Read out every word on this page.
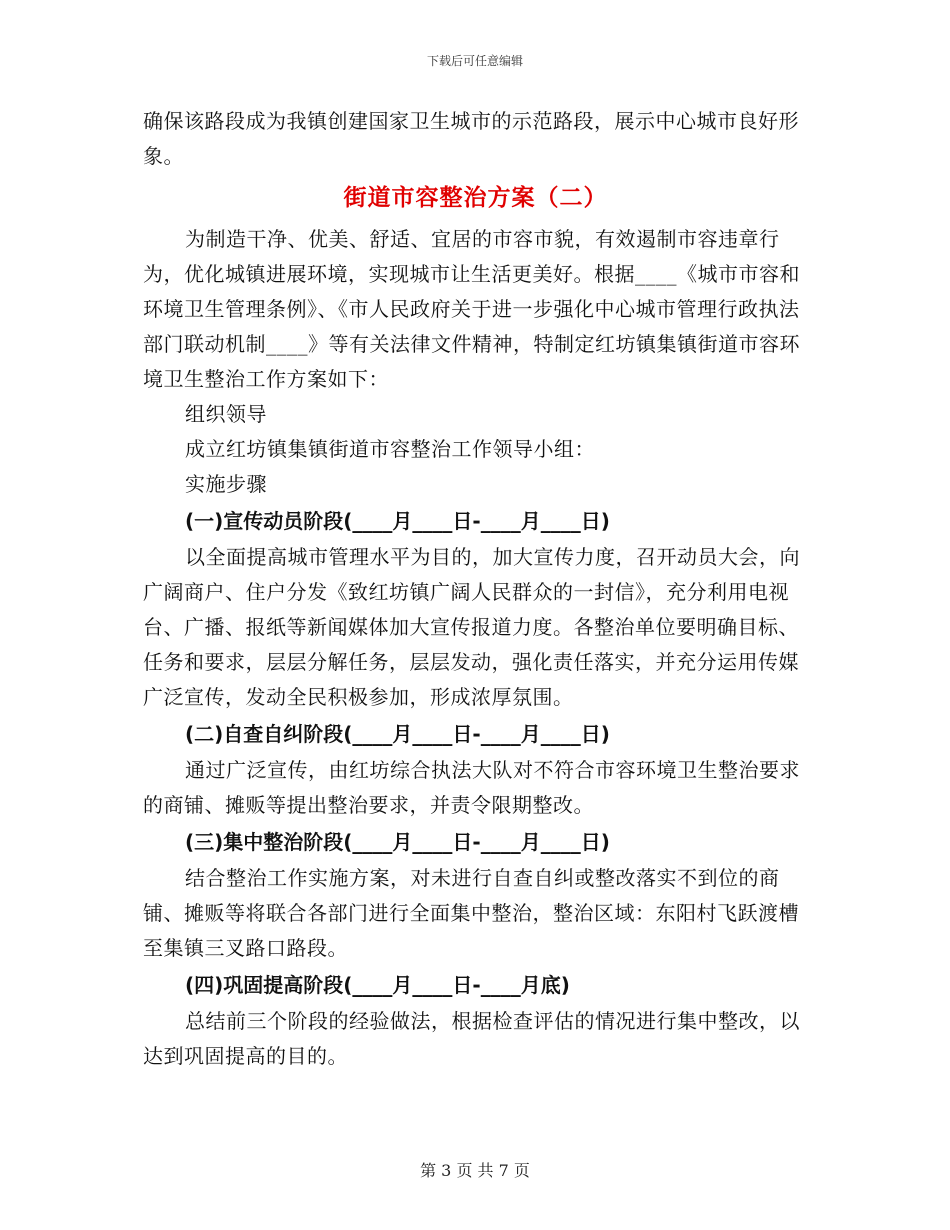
下载后可任意编辑

确保该路段成为我镇创建国家卫生城市的示范路段，展示中心城市良好形象。

街道市容整治方案（二）

为制造干净、优美、舒适、宜居的市容市貌，有效遏制市容违章行为，优化城镇进展环境，实现城市让生活更美好。根据____《城市市容和环境卫生管理条例》、《市人民政府关于进一步强化中心城市管理行政执法部门联动机制____》等有关法律文件精神，特制定红坊镇集镇街道市容环境卫生整治工作方案如下：

组织领导

成立红坊镇集镇街道市容整治工作领导小组：

实施步骤

(一)宣传动员阶段(____月____日-____月____日)

以全面提高城市管理水平为目的，加大宣传力度，召开动员大会，向广阔商户、住户分发《致红坊镇广阔人民群众的一封信》，充分利用电视台、广播、报纸等新闻媒体加大宣传报道力度。各整治单位要明确目标、任务和要求，层层分解任务，层层发动，强化责任落实，并充分运用传媒广泛宣传，发动全民积极参加，形成浓厚氛围。

(二)自查自纠阶段(____月____日-____月____日)

通过广泛宣传，由红坊综合执法大队对不符合市容环境卫生整治要求的商铺、摊贩等提出整治要求，并责令限期整改。

(三)集中整治阶段(____月____日-____月____日)

结合整治工作实施方案，对未进行自查自纠或整改落实不到位的商铺、摊贩等将联合各部门进行全面集中整治，整治区域：东阳村飞跃渡槽至集镇三叉路口路段。

(四)巩固提高阶段(____月____日-____月底)

总结前三个阶段的经验做法，根据检查评估的情况进行集中整改，以达到巩固提高的目的。

第 3 页 共 7 页
